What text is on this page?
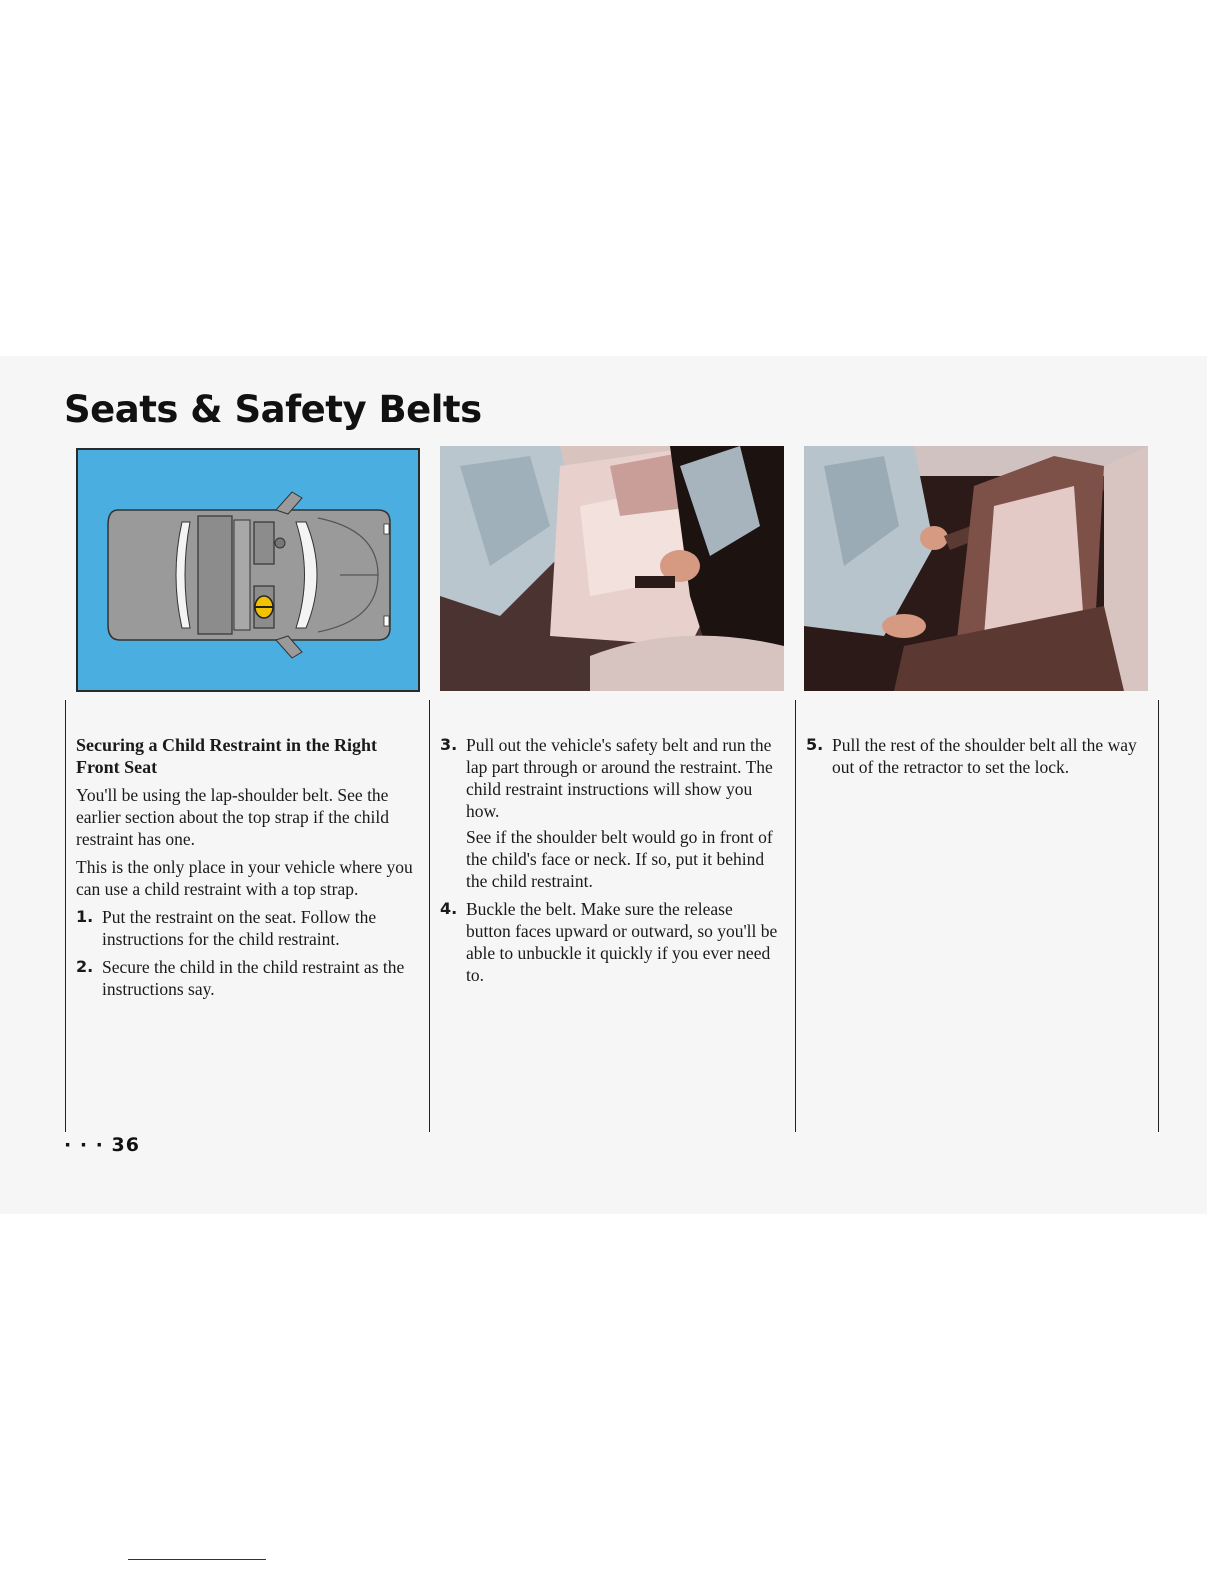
Seats & Safety Belts

Securing a Child Restraint in the Right Front Seat

You'll be using the lap-shoulder belt. See the earlier section about the top strap if the child restraint has one.

This is the only place in your vehicle where you can use a child restraint with a top strap.

1. Put the restraint on the seat. Follow the instructions for the child restraint.
2. Secure the child in the child restraint as the instructions say.
3. Pull out the vehicle's safety belt and run the lap part through or around the restraint. The child restraint instructions will show you how.

See if the shoulder belt would go in front of the child's face or neck. If so, put it behind the child restraint.

4. Buckle the belt. Make sure the release button faces upward or outward, so you'll be able to unbuckle it quickly if you ever need to.
5. Pull the rest of the shoulder belt all the way out of the retractor to set the lock.
· · · 36
